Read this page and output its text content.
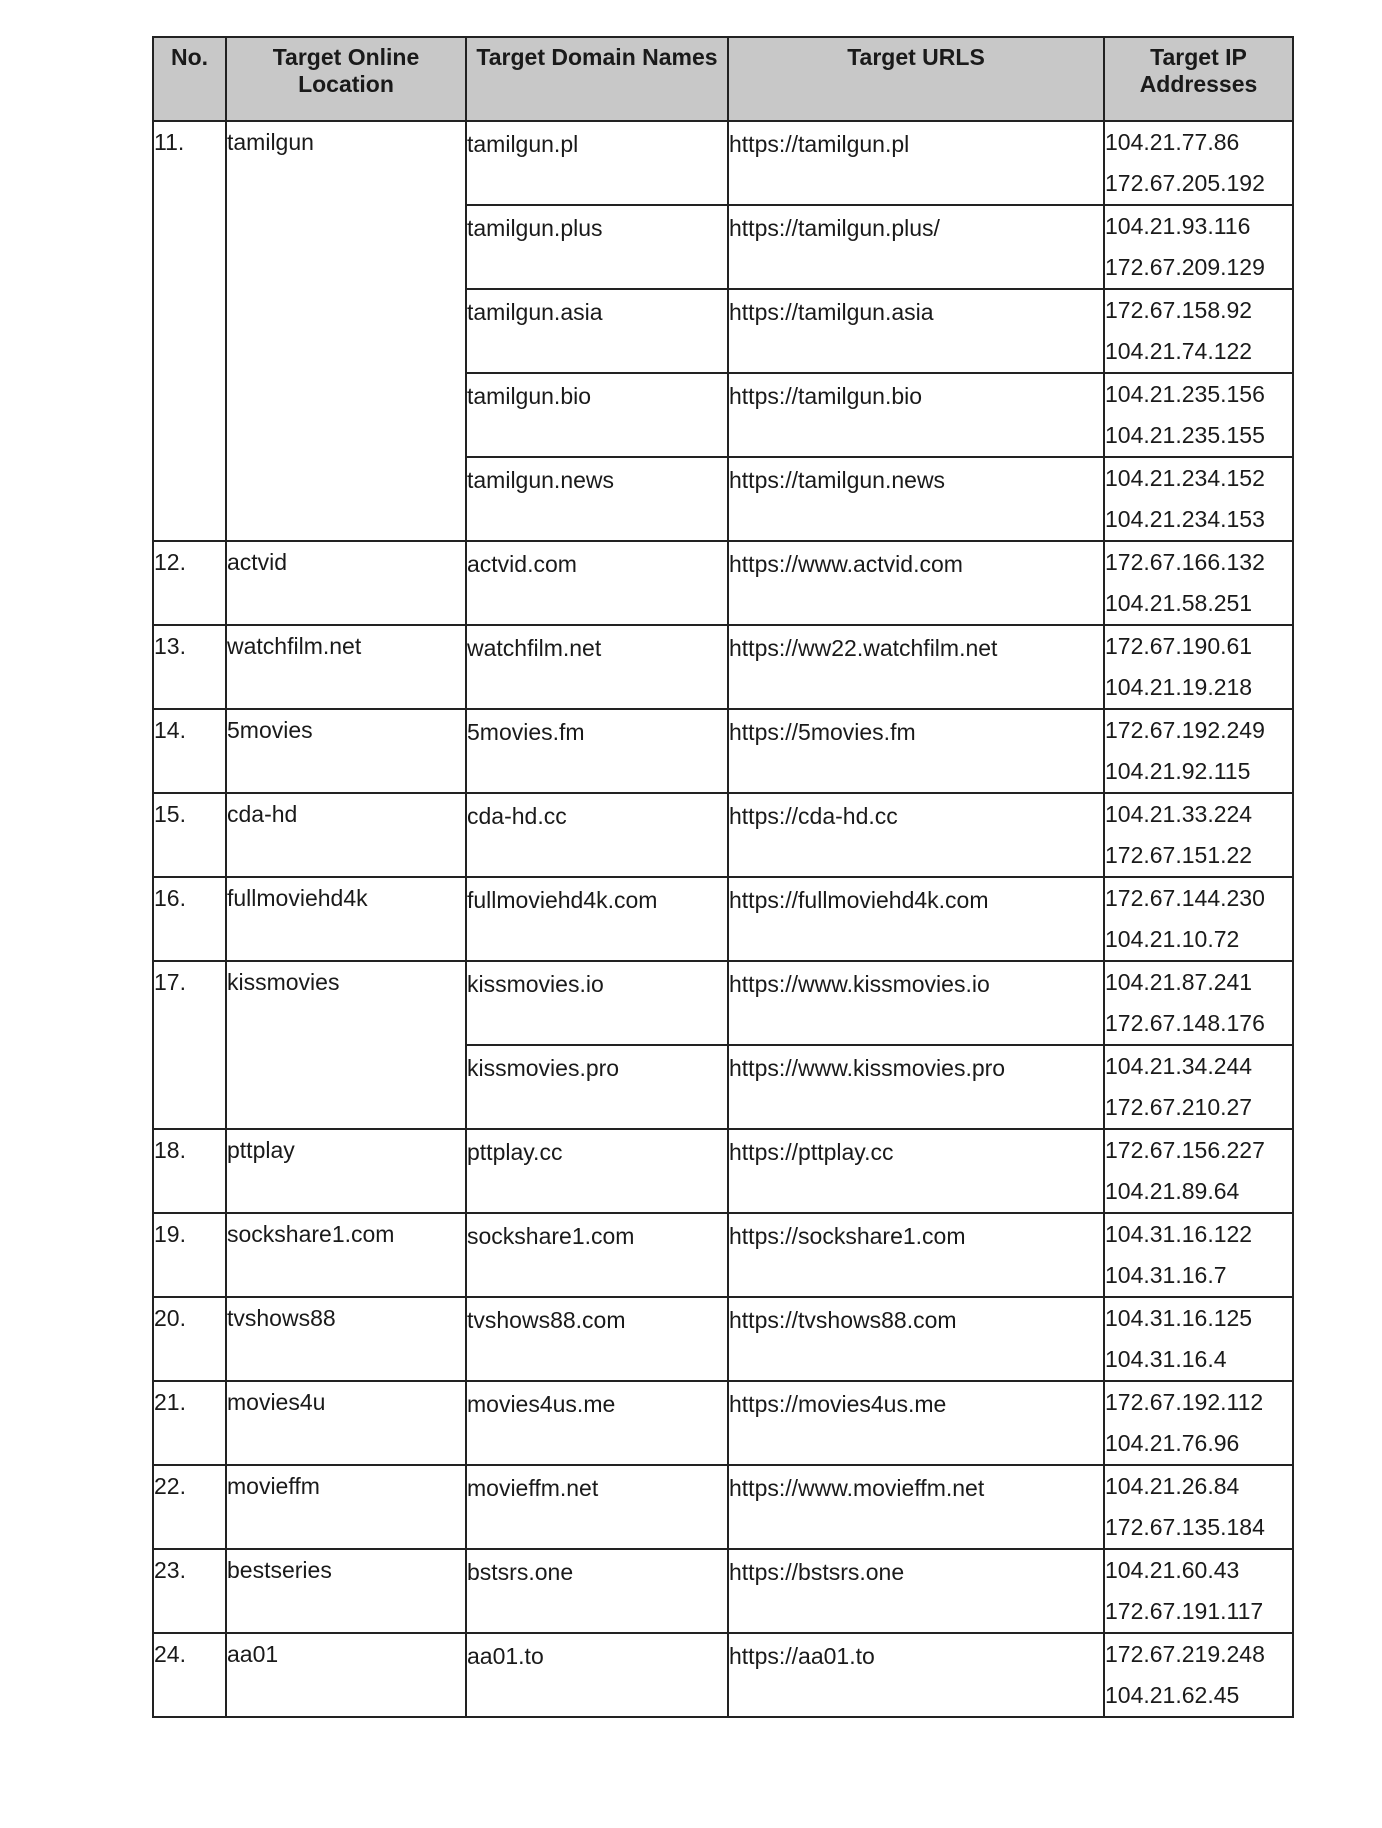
No.	Target Online Location	Target Domain Names	Target URLS	Target IP Addresses
11.	tamilgun	tamilgun.pl	https://tamilgun.pl	104.21.77.86
172.67.205.192

		tamilgun.plus	https://tamilgun.plus/	104.21.93.116
172.67.209.129

		tamilgun.asia	https://tamilgun.asia	172.67.158.92
104.21.74.122

		tamilgun.bio	https://tamilgun.bio	104.21.235.156
104.21.235.155

		tamilgun.news	https://tamilgun.news	104.21.234.152
104.21.234.153

12.	actvid	actvid.com	https://www.actvid.com	172.67.166.132
104.21.58.251

13.	watchfilm.net	watchfilm.net	https://ww22.watchfilm.net	172.67.190.61
104.21.19.218

14.	5movies	5movies.fm	https://5movies.fm	172.67.192.249
104.21.92.115

15.	cda-hd	cda-hd.cc	https://cda-hd.cc	104.21.33.224
172.67.151.22

16.	fullmoviehd4k	fullmoviehd4k.com	https://fullmoviehd4k.com	172.67.144.230
104.21.10.72

17.	kissmovies	kissmovies.io	https://www.kissmovies.io	104.21.87.241
172.67.148.176

		kissmovies.pro	https://www.kissmovies.pro	104.21.34.244
172.67.210.27

18.	pttplay	pttplay.cc	https://pttplay.cc	172.67.156.227
104.21.89.64

19.	sockshare1.com	sockshare1.com	https://sockshare1.com	104.31.16.122
104.31.16.7

20.	tvshows88	tvshows88.com	https://tvshows88.com	104.31.16.125
104.31.16.4

21.	movies4u	movies4us.me	https://movies4us.me	172.67.192.112
104.21.76.96

22.	movieffm	movieffm.net	https://www.movieffm.net	104.21.26.84
172.67.135.184

23.	bestseries	bstsrs.one	https://bstsrs.one	104.21.60.43
172.67.191.117

24.	aa01	aa01.to	https://aa01.to	172.67.219.248
104.21.62.45
